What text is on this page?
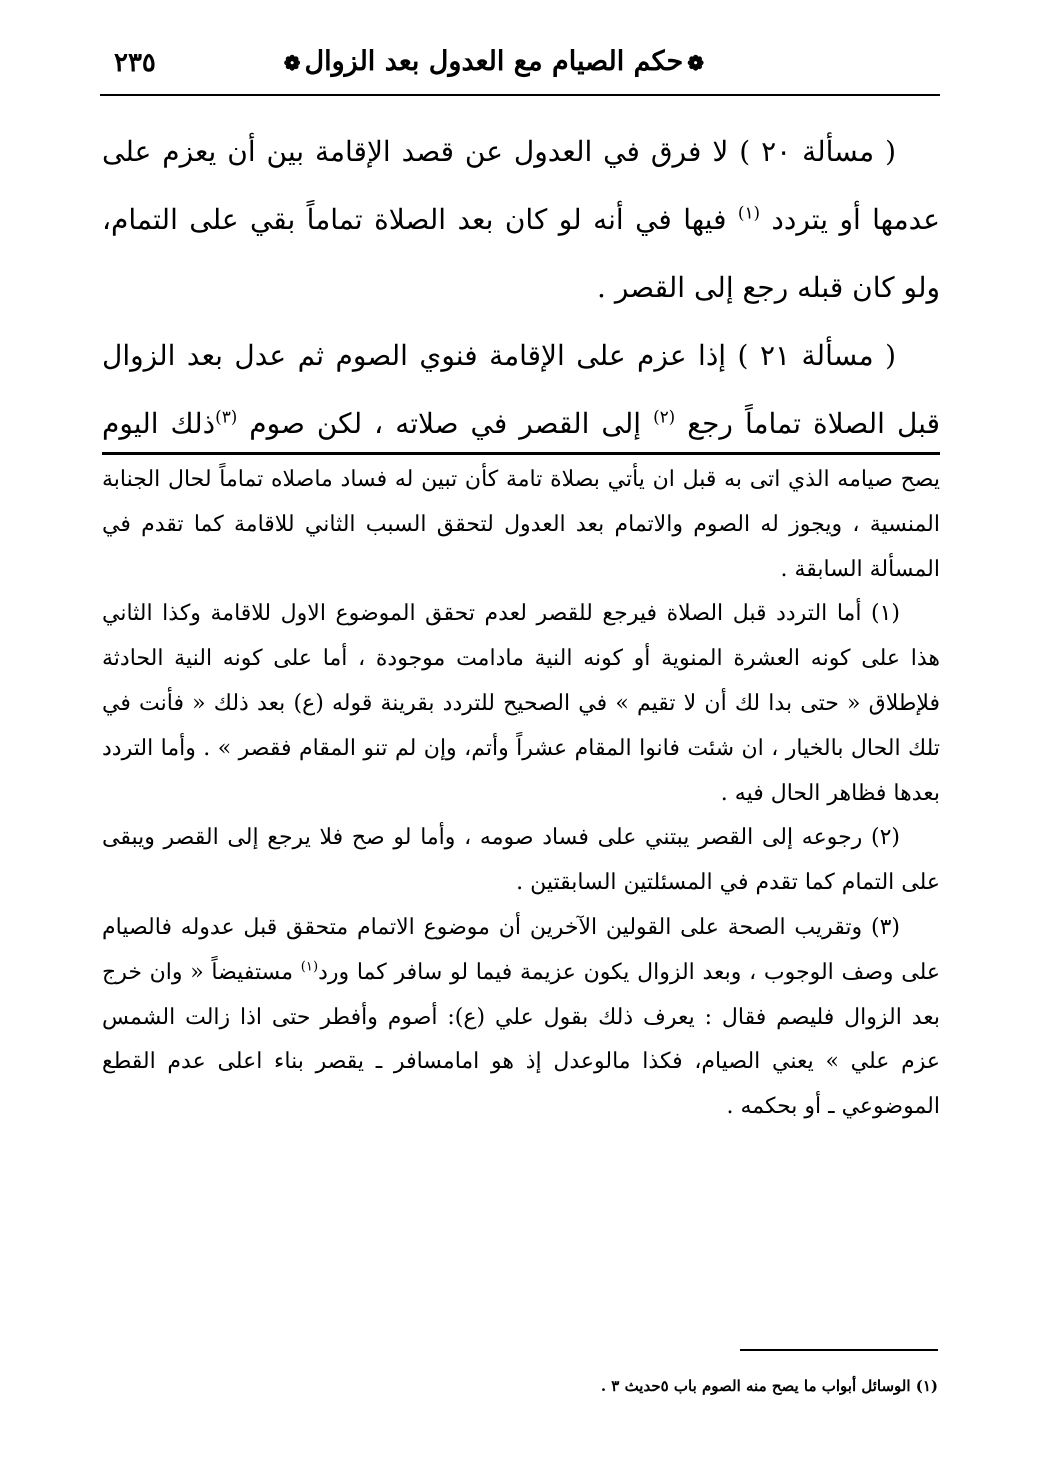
❁حكم الصيام مع العدول بعد الزوال❁
٢٣٥

( مسألة ٢٠ ) لا فرق في العدول عن قصد الإقامة بين أن يعزم على عدمها أو يتردد $^{(١)}$ فيها في أنه لو كان بعد الصلاة تماماً بقي على التمام، ولو كان قبله رجع إلى القصر .

( مسألة ٢١ ) إذا عزم على الإقامة فنوي الصوم ثم عدل بعد الزوال قبل الصلاة تماماً رجع $^{(٢)}$ إلى القصر في صلاته ، لكن صوم $^{(٣)}$ذلك اليوم

يصح صيامه الذي اتى به قبل ان يأتي بصلاة تامة كأن تبين له فساد ماصلاه تماماً لحال الجنابة المنسية ، ويجوز له الصوم والاتمام بعد العدول لتحقق السبب الثاني للاقامة كما تقدم في المسألة السابقة .

(١) أما التردد قبل الصلاة فيرجع للقصر لعدم تحقق الموضوع الاول للاقامة وكذا الثاني هذا على كونه العشرة المنوية أو كونه النية مادامت موجودة ، أما على كونه النية الحادثة فلإطلاق « حتى بدا لك أن لا تقيم » في الصحيح للتردد بقرينة قوله (ع) بعد ذلك « فأنت في تلك الحال بالخيار ، ان شئت فانوا المقام عشراً وأتم، وإن لم تنو المقام فقصر » . وأما التردد بعدها فظاهر الحال فيه .

(٢) رجوعه إلى القصر يبتني على فساد صومه ، وأما لو صح فلا يرجع إلى القصر ويبقى على التمام كما تقدم في المسئلتين السابقتين .

(٣) وتقريب الصحة على القولين الآخرين أن موضوع الاتمام متحقق قبل عدوله فالصيام على وصف الوجوب ، وبعد الزوال يكون عزيمة فيما لو سافر كما ورد$^{(١)}$ مستفيضاً « وان خرج بعد الزوال فليصم فقال : يعرف ذلك بقول علي (ع): أصوم وأفطر حتى اذا زالت الشمس عزم علي » يعني الصيام، فكذا مالوعدل إذ هو امامسافر ـ يقصر بناء اعلى عدم القطع الموضوعي ـ أو بحكمه .

(١) الوسائل أبواب ما يصح منه الصوم باب ٥حديث ٣ .
